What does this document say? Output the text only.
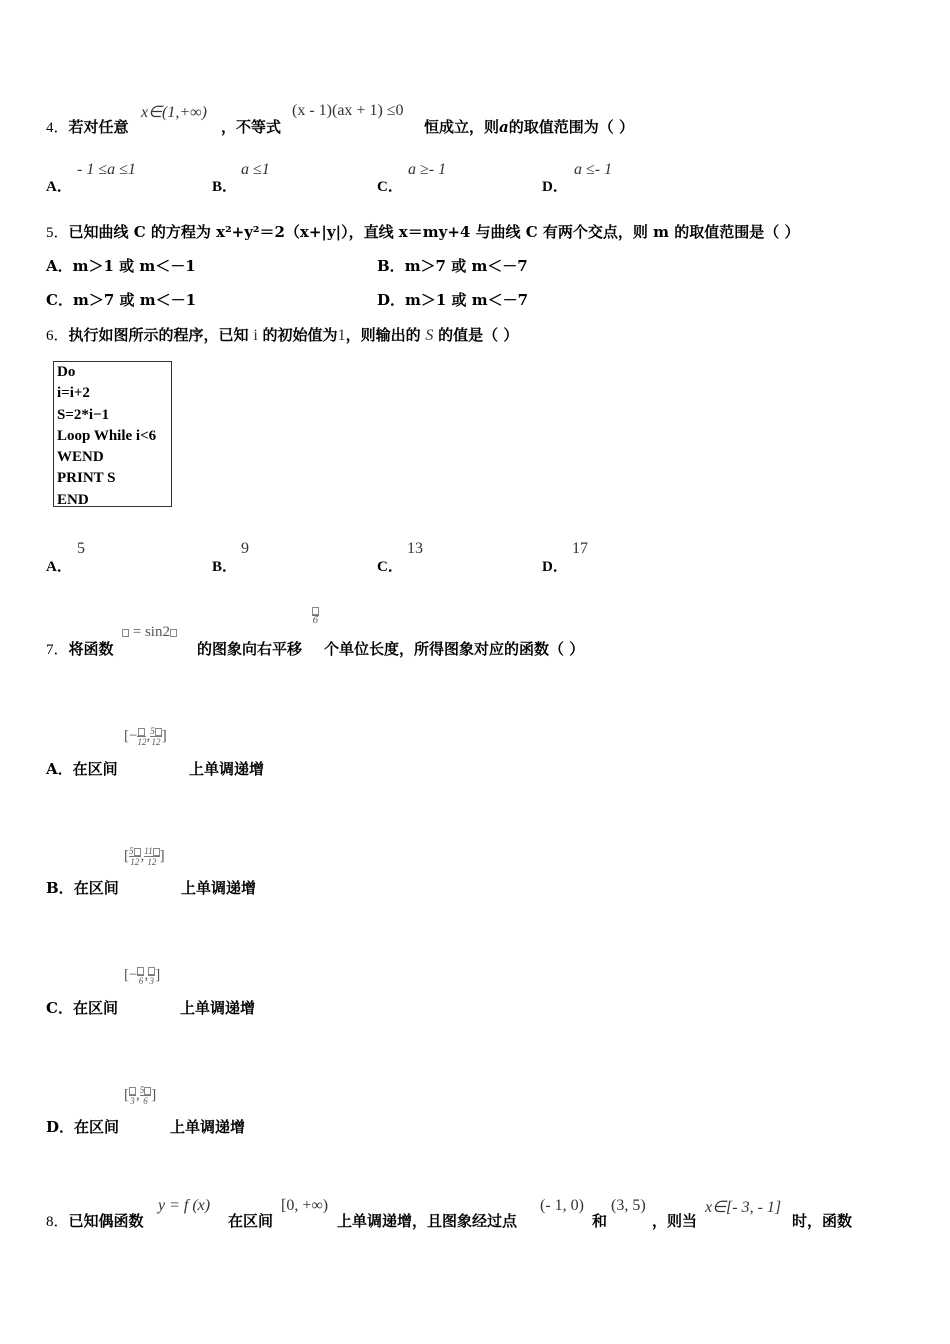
4．若对任意
x∈(1,+∞)
，不等式
(x - 1)(ax + 1) ≤0
恒成立，则a的取值范围为（ ）
A．
- 1 ≤a ≤1
B．
a ≤1
C．
a ≥- 1
D．
a ≤- 1
5．已知曲线 C 的方程为 x²+y²＝2（x+|y|），直线 x＝my+4 与曲线 C 有两个交点，则 m 的取值范围是（ ）
A．m＞1 或 m＜－1	B．m＞7 或 m＜－7
C．m＞7 或 m＜－1	D．m＞1 或 m＜－7
6．执行如图所示的程序，已知 i 的初始值为1，则输出的 S 的值是（ ）
Do
i=i+2
S=2*i−1
Loop While i<6
WEND
PRINT S
END
A．
5
B．
9
C．
13
D．
17
7．将函数
= sin2
的图象向右平移
6
个单位长度，所得图象对应的函数（ ）
[− 12 , $\frac{5}{12}$ ]
A．在区间	上单调递增
[ $\frac{5}{12}$ , $\frac{11}{12}$ ]
B．在区间	上单调递增
[− 6 , 3 ]
C．在区间	上单调递增
[ 3 , $\frac{5}{6}$ ]
D．在区间	上单调递增
8．已知偶函数
y = f (x)
在区间
[0, +∞)
上单调递增，且图象经过点
(- 1, 0)
和
(3, 5)
，则当
x∈[- 3, - 1]
时，函数
